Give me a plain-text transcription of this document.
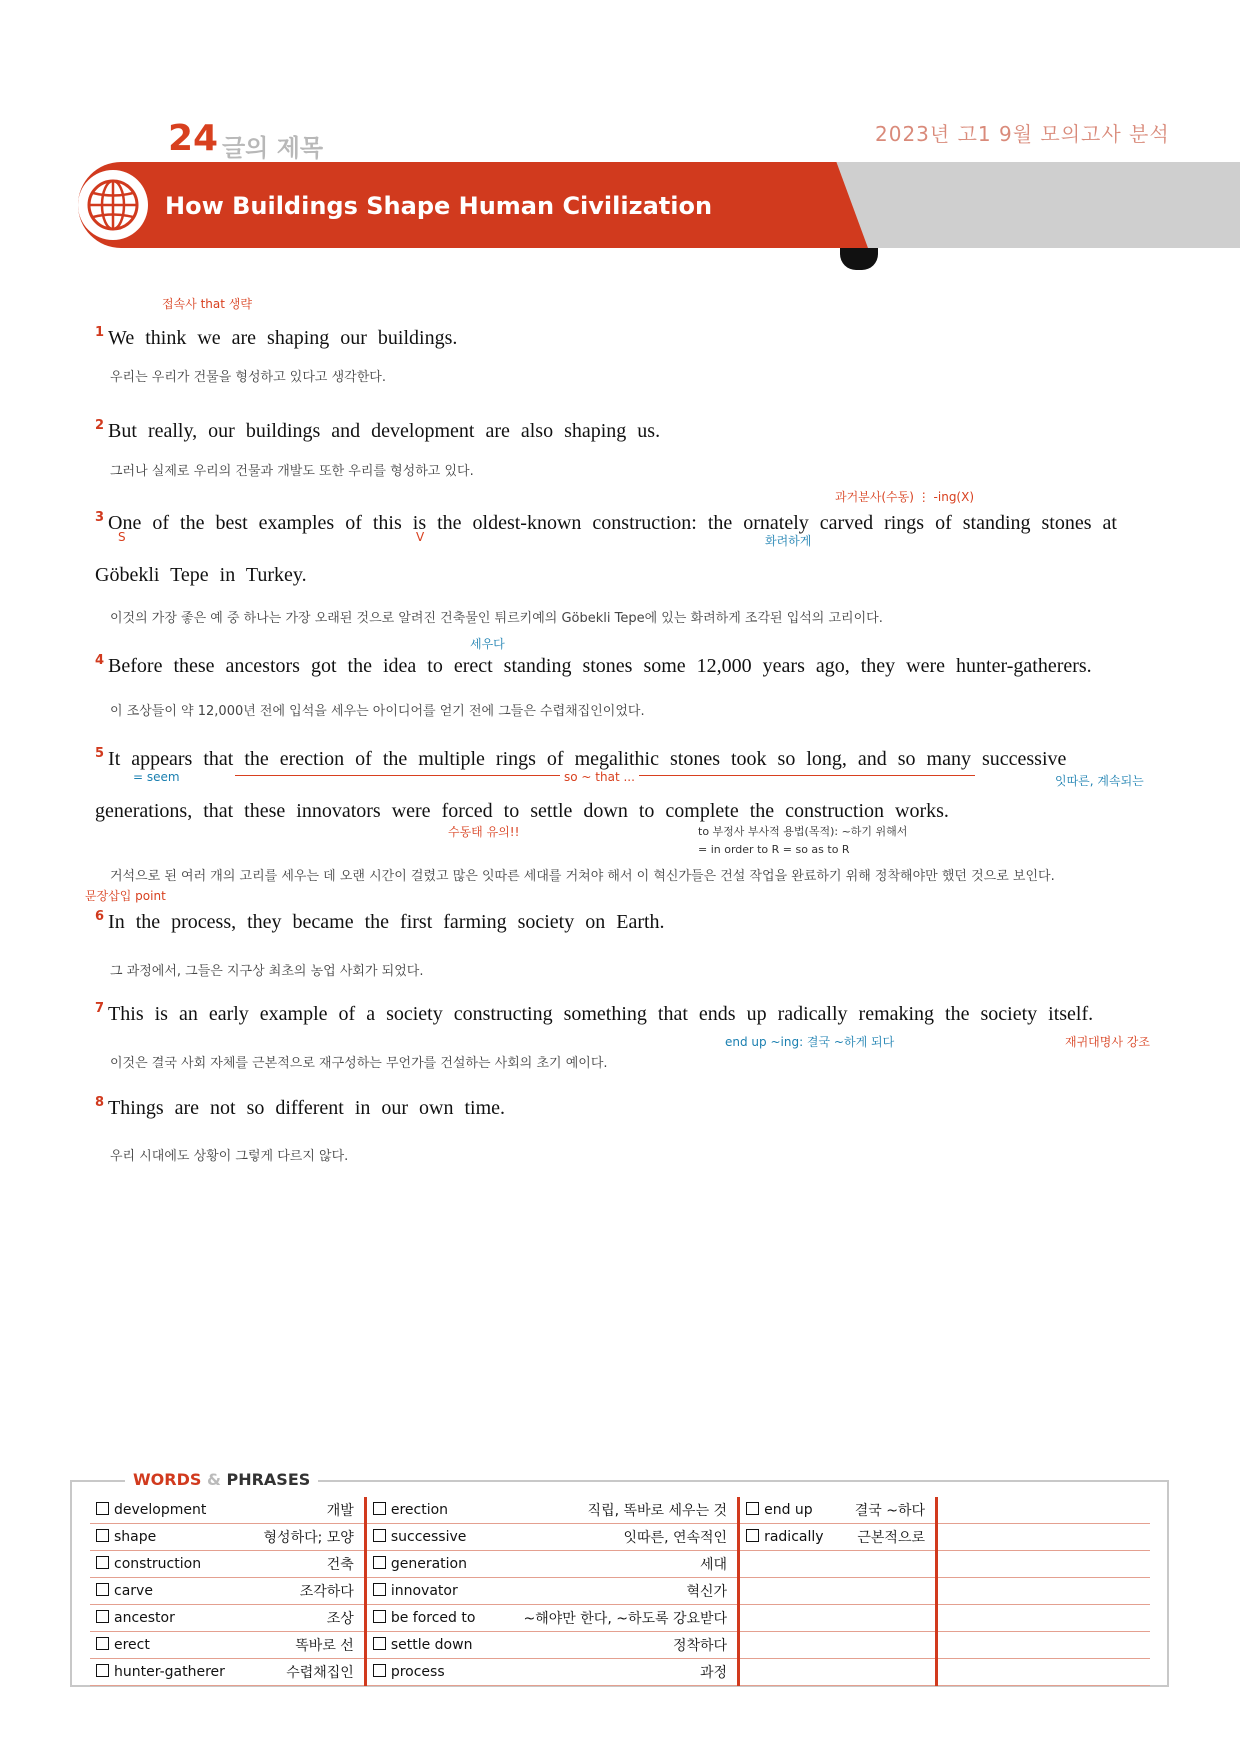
24 글의 제목	2023년 고1 9월 모의고사 분석
How Buildings Shape Human Civilization
접속사 that 생략
$^1$ We think we are shaping our buildings.
우리는 우리가 건물을 형성하고 있다고 생각한다.
$^2$ But really, our buildings and development are also shaping us.
그러나 실제로 우리의 건물과 개발도 또한 우리를 형성하고 있다.
과거분사(수동) ⋮ -ing(X)
$^3$ One of the best examples of this is the oldest-known construction: the ornately carved rings of standing stones at
Göbekli Tepe in Turkey.
S	V	화려하게
이것의 가장 좋은 예 중 하나는 가장 오래된 것으로 알려진 건축물인 튀르키예의 Göbekli Tepe에 있는 화려하게 조각된 입석의 고리이다.
세우다
$^4$ Before these ancestors got the idea to erect standing stones some 12,000 years ago, they were hunter-gatherers.
이 조상들이 약 12,000년 전에 입석을 세우는 아이디어를 얻기 전에 그들은 수렵채집인이었다.
$^5$ It appears that the erection of the multiple rings of megalithic stones took so long, and so many successive
generations, that these innovators were forced to settle down to complete the construction works.
= seem	so ~ that ...	잇따른, 계속되는
수동태 유의!!	to 부정사 부사적 용법(목적): ~하기 위해서
= in order to R = so as to R
거석으로 된 여러 개의 고리를 세우는 데 오랜 시간이 걸렸고 많은 잇따른 세대를 거쳐야 해서 이 혁신가들은 건설 작업을 완료하기 위해 정착해야만 했던 것으로 보인다.
문장삽입 point
$^6$ In the process, they became the first farming society on Earth.
그 과정에서, 그들은 지구상 최초의 농업 사회가 되었다.
$^7$ This is an early example of a society constructing something that ends up radically remaking the society itself.
end up ~ing: 결국 ~하게 되다	재귀대명사 강조
이것은 결국 사회 자체를 근본적으로 재구성하는 무언가를 건설하는 사회의 초기 예이다.
$^8$ Things are not so different in our own time.
우리 시대에도 상황이 그렇게 다르지 않다.
WORDS & PHRASES
development	개발	erection	직립, 똑바로 세우는 것	end up	결국 ~하다	
shape	형성하다; 모양	successive	잇따른, 연속적인	radically	근본적으로	
construction	건축	generation	세대			
carve	조각하다	innovator	혁신가			
ancestor	조상	be forced to	~해야만 한다, ~하도록 강요받다			
erect	똑바로 선	settle down	정착하다			
hunter-gatherer	수렵채집인	process	과정			
